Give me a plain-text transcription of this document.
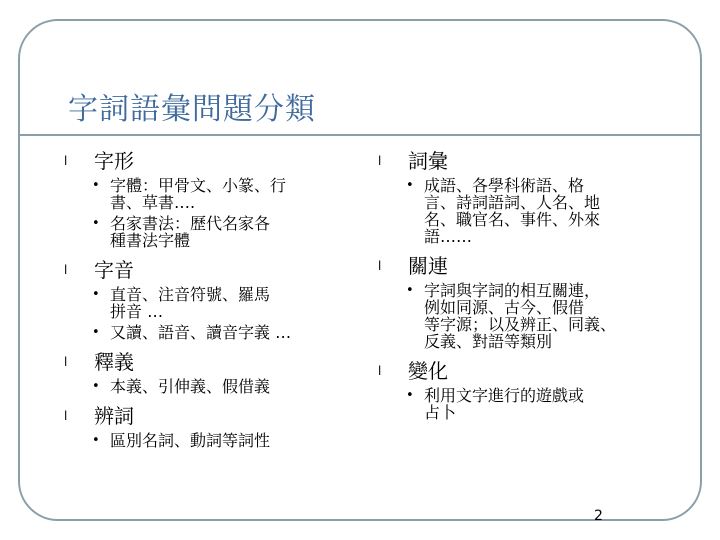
字詞語彙問題分類
l 字形
• 字體：甲骨文、小篆、行
書、草書….
• 名家書法：歷代名家各
種書法字體
l 字音
• 直音、注音符號、羅馬
拼音 …
• 又讀、語音、讀音字義 …
l 釋義
• 本義、引伸義、假借義
l 辨詞
• 區別名詞、動詞等詞性
l 詞彙
• 成語、各學科術語、格
言、詩詞語詞、人名、地
名、職官名、事件、外來
語……
l 關連
• 字詞與字詞的相互關連，
例如同源、古今、假借
等字源；以及辨正、同義、
反義、對語等類別
l 變化
• 利用文字進行的遊戲或
占卜
2
